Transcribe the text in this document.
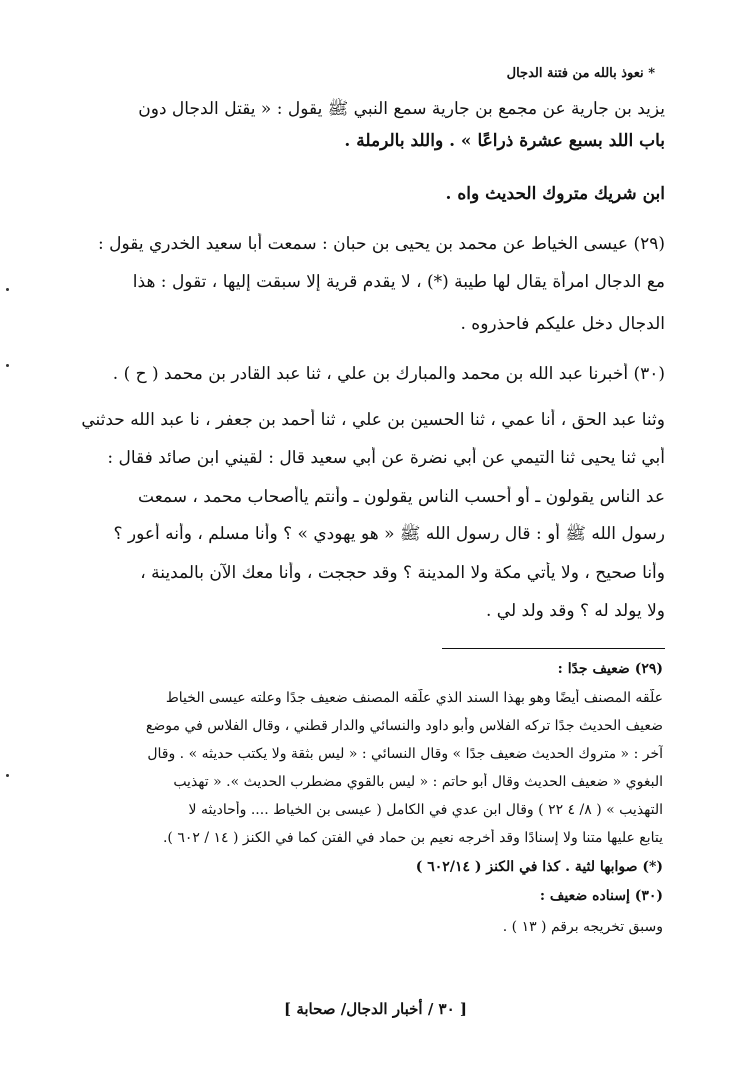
* نعوذ بالله من فتنة الدجال
يزيد بن جارية عن مجمع بن جارية سمع النبي ﷺ يقول : « يقتل الدجال دون
باب اللد بسبع عشرة ذراعًا » . واللد بالرملة .
ابن شريك متروك الحديث واه .
(٢٩) عيسى الخياط عن محمد بن يحيى بن حبان : سمعت أبا سعيد الخدري يقول :
مع الدجال امرأة يقال لها طيبة (*) ، لا يقدم قرية إلا سبقت إليها ، تقول : هذا
الدجال دخل عليكم فاحذروه .
(٣٠) أخبرنا عبد الله بن محمد والمبارك بن علي ، ثنا عبد القادر بن محمد ( ح ) .
وثنا عبد الحق ، أنا عمي ، ثنا الحسين بن علي ، ثنا أحمد بن جعفر ، نا عبد الله حدثني
أبي ثنا يحيى ثنا التيمي عن أبي نضرة عن أبي سعيد قال : لقيني ابن صائد فقال :
عد الناس يقولون ـ أو أحسب الناس يقولون ـ وأنتم ياأصحاب محمد ، سمعت
رسول الله ﷺ أو : قال رسول الله ﷺ « هو يهودي » ؟ وأنا مسلم ، وأنه أعور ؟
وأنا صحيح ، ولا يأتي مكة ولا المدينة ؟ وقد حججت ، وأنا معك الآن بالمدينة ،
ولا يولد له ؟ وقد ولد لي .
(٢٩) ضعيف جدًا :
علّقه المصنف أيضًا وهو بهذا السند الذي علّقه المصنف ضعيف جدًا وعلته عيسى الخياط
ضعيف الحديث جدًا تركه الفلاس وأبو داود والنسائي والدار قطني ، وقال الفلاس في موضع
آخر : « متروك الحديث ضعيف جدًا » وقال النسائي : « ليس بثقة ولا يكتب حديثه » . وقال
البغوي « ضعيف الحديث وقال أبو حاتم : « ليس بالقوي مضطرب الحديث ». « تهذيب
التهذيب » ( ٨/ ٤ ٢٢ ) وقال ابن عدي في الكامل ( عيسى بن الخياط .... وأحاديثه لا
يتابع عليها متنا ولا إسنادًا وقد أخرجه نعيم بن حماد في الفتن كما في الكنز ( ١٤ / ٦٠٢ ).
(*) صوابها لثية . كذا في الكنز ( ٦٠٢/١٤ )
(٣٠) إسناده ضعيف :
وسبق تخريجه برقم ( ١٣ ) .
[ ٣٠ / أخبار الدجال/ صحابة ]
